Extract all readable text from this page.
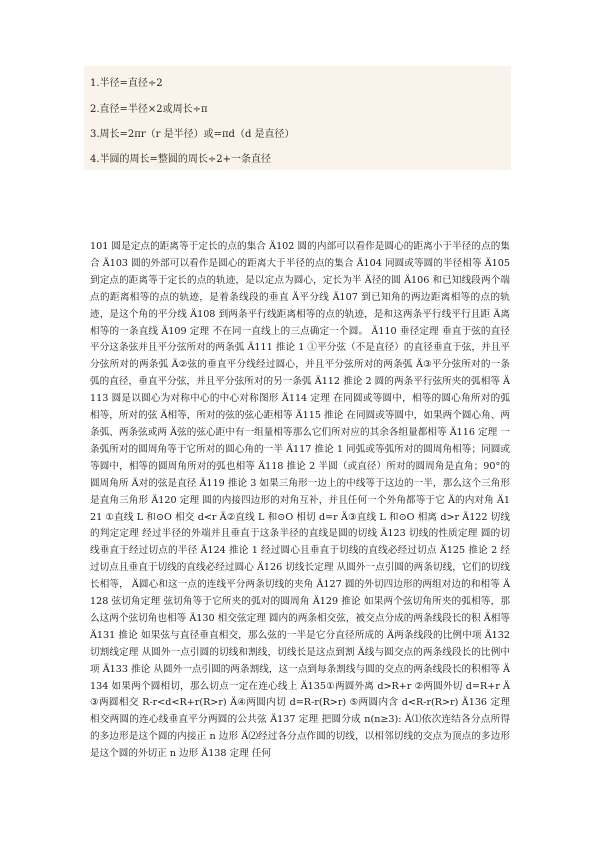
1.半径=直径÷2
2.直径=半径×2或周长÷π
3.周长=2πr（r 是半径）或=πd（d 是直径）
4.半圆的周长=整圆的周长÷2+一条直径
101 圆是定点的距离等于定长的点的集合 Ä102 圆的内部可以看作是圆心的距离小于半径的点的集合 Ä103 圆的外部可以看作是圆心的距离大于半径的点的集合 Ä104 同圆或等圆的半径相等 Ä105 到定点的距离等于定长的点的轨迹，是以定点为圆心，定长为半 Ä径的圆 Ä106 和已知线段两个端点的距离相等的点的轨迹，是着条线段的垂直 Ä平分线 Ä107 到已知角的两边距离相等的点的轨迹，是这个角的平分线 Ä108 到两条平行线距离相等的点的轨迹，是和这两条平行线平行且距 Ä离相等的一条直线 Ä109 定理 不在同一直线上的三点确定一个圆。 Ä110 垂径定理 垂直于弦的直径平分这条弦并且平分弦所对的两条弧 Ä111 推论 1 ①平分弦（不是直径）的直径垂直于弦，并且平分弦所对的两条弧 Ä②弦的垂直平分线经过圆心，并且平分弦所对的两条弧 Ä③平分弦所对的一条弧的直径，垂直平分弦，并且平分弦所对的另一条弧 Ä112 推论 2 圆的两条平行弦所夹的弧相等 Ä113 圆是以圆心为对称中心的中心对称图形 Ä114 定理 在同圆或等圆中，相等的圆心角所对的弧相等，所对的弦 Ä相等，所对的弦的弦心距相等 Ä115 推论 在同圆或等圆中，如果两个圆心角、两条弧、两条弦或两 Ä弦的弦心距中有一组量相等那么它们所对应的其余各组量都相等 Ä116 定理 一条弧所对的圆周角等于它所对的圆心角的一半 Ä117 推论 1 同弧或等弧所对的圆周角相等；同圆或等圆中，相等的圆周角所对的弧也相等 Ä118 推论 2 半圆（或直径）所对的圆周角是直角；90°的圆周角所 Ä对的弦是直径 Ä119 推论 3 如果三角形一边上的中线等于这边的一半，那么这个三角形是直角三角形 Ä120 定理 圆的内接四边形的对角互补，并且任何一个外角都等于它 Ä的内对角 Ä121 ①直线 L 和⊙O 相交 d<r Ä②直线 L 和⊙O 相切 d=r Ä③直线 L 和⊙O 相离 d>r Ä122 切线的判定定理 经过半径的外端并且垂直于这条半径的直线是圆的切线 Ä123 切线的性质定理 圆的切线垂直于经过切点的半径 Ä124 推论 1 经过圆心且垂直于切线的直线必经过切点 Ä125 推论 2 经过切点且垂直于切线的直线必经过圆心 Ä126 切线长定理 从圆外一点引圆的两条切线，它们的切线长相等， Ä圆心和这一点的连线平分两条切线的夹角 Ä127 圆的外切四边形的两组对边的和相等 Ä128 弦切角定理 弦切角等于它所夹的弧对的圆周角 Ä129 推论 如果两个弦切角所夹的弧相等，那么这两个弦切角也相等 Ä130 相交弦定理 圆内的两条相交弦，被交点分成的两条线段长的积 Ä相等 Ä131 推论 如果弦与直径垂直相交，那么弦的一半是它分直径所成的 Ä两条线段的比例中项 Ä132 切割线定理 从圆外一点引圆的切线和割线，切线长是这点到割 Ä线与圆交点的两条线段长的比例中项 Ä133 推论 从圆外一点引圆的两条割线，这一点到每条割线与圆的交点的两条线段长的积相等 Ä134 如果两个圆相切，那么切点一定在连心线上 Ä135①两圆外离 d>R+r ②两圆外切 d=R+r Ä③两圆相交 R-r<d<R+r(R>r) Ä④两圆内切 d=R-r(R>r) ⑤两圆内含 d<R-r(R>r) Ä136 定理 相交两圆的连心线垂直平分两圆的公共弦 Ä137 定理 把圆分成 n(n≥3): Ä⑴依次连结各分点所得的多边形是这个圆的内接正 n 边形 Ä⑵经过各分点作圆的切线，以相邻切线的交点为顶点的多边形是这个圆的外切正 n 边形 Ä138 定理 任何
